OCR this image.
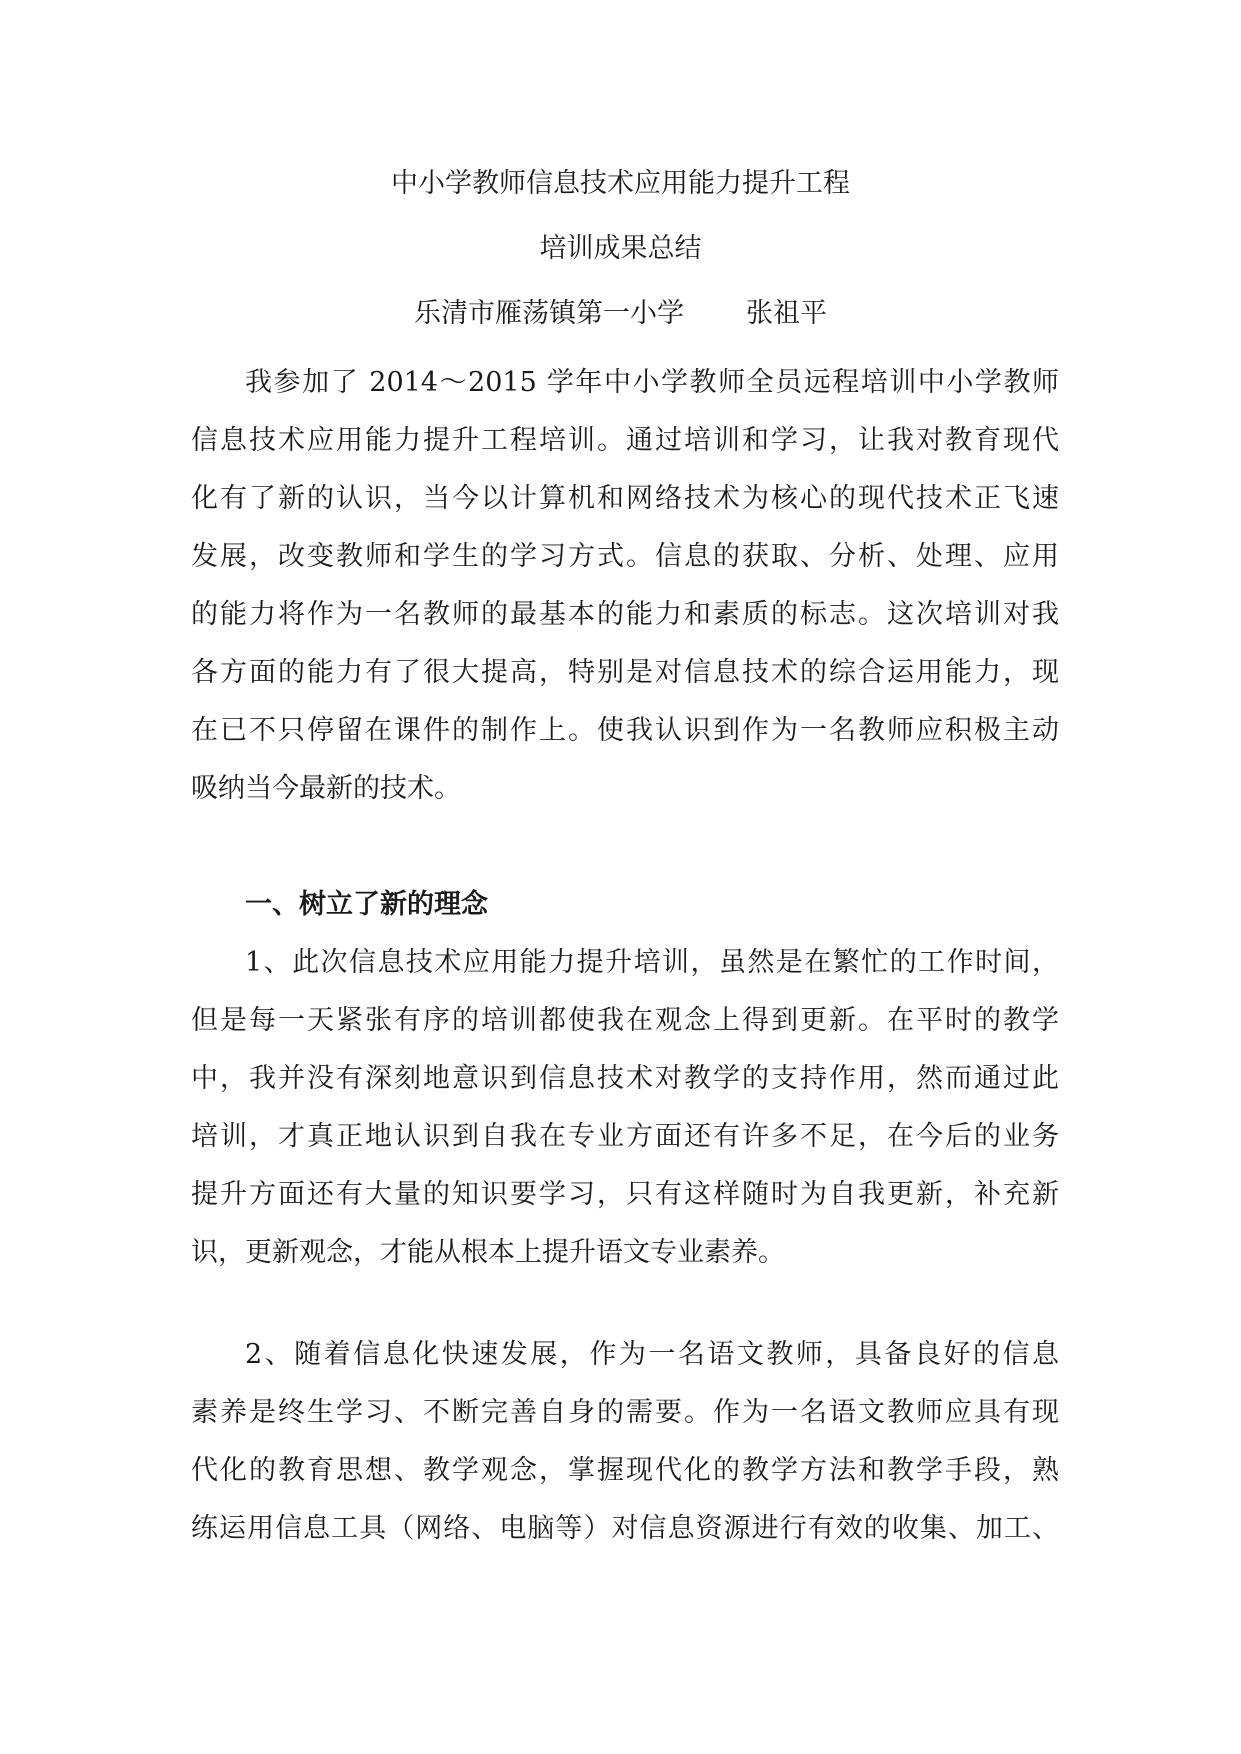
中小学教师信息技术应用能力提升工程
培训成果总结
乐清市雁荡镇第一小学 张祖平
我参加了 2014～2015 学年中小学教师全员远程培训中小学教师
信息技术应用能力提升工程培训。通过培训和学习，让我对教育现代
化有了新的认识，当今以计算机和网络技术为核心的现代技术正飞速
发展，改变教师和学生的学习方式。信息的获取、分析、处理、应用
的能力将作为一名教师的最基本的能力和素质的标志。这次培训对我
各方面的能力有了很大提高，特别是对信息技术的综合运用能力，现
在已不只停留在课件的制作上。使我认识到作为一名教师应积极主动
吸纳当今最新的技术。
一、树立了新的理念
1、此次信息技术应用能力提升培训，虽然是在繁忙的工作时间，
但是每一天紧张有序的培训都使我在观念上得到更新。在平时的教学
中，我并没有深刻地意识到信息技术对教学的支持作用，然而通过此
培训，才真正地认识到自我在专业方面还有许多不足，在今后的业务
提升方面还有大量的知识要学习，只有这样随时为自我更新，补充新
识，更新观念，才能从根本上提升语文专业素养。
2、随着信息化快速发展，作为一名语文教师，具备良好的信息
素养是终生学习、不断完善自身的需要。作为一名语文教师应具有现
代化的教育思想、教学观念，掌握现代化的教学方法和教学手段，熟
练运用信息工具（网络、电脑等）对信息资源进行有效的收集、加工、
